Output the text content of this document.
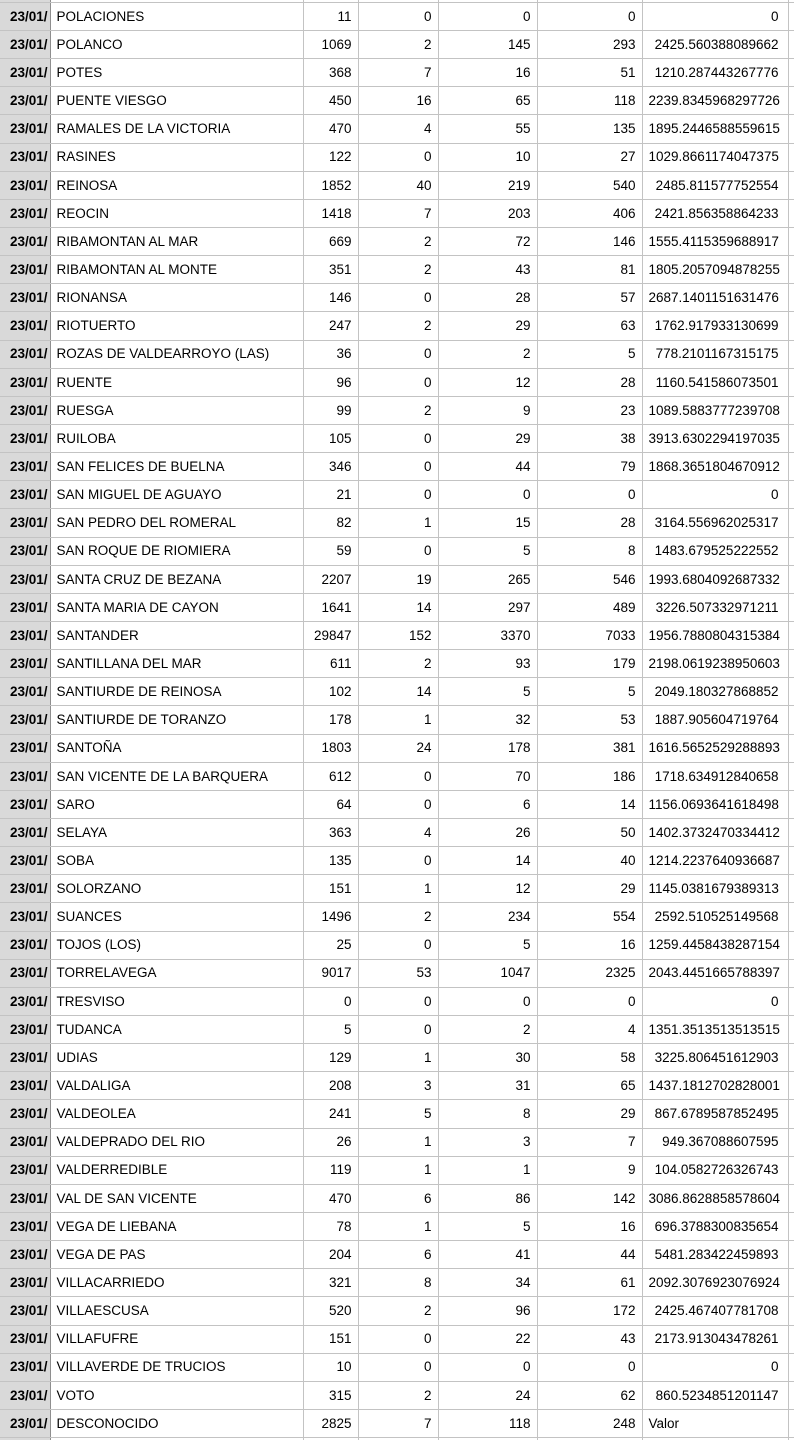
23/01/	POLACIONES	11	0	0	0	0	
23/01/	POLANCO	1069	2	145	293	2425.560388089662	
23/01/	POTES	368	7	16	51	1210.287443267776	
23/01/	PUENTE VIESGO	450	16	65	118	2239.8345968297726	
23/01/	RAMALES DE LA VICTORIA	470	4	55	135	1895.2446588559615	
23/01/	RASINES	122	0	10	27	1029.8661174047375	
23/01/	REINOSA	1852	40	219	540	2485.811577752554	
23/01/	REOCIN	1418	7	203	406	2421.856358864233	
23/01/	RIBAMONTAN AL MAR	669	2	72	146	1555.4115359688917	
23/01/	RIBAMONTAN AL MONTE	351	2	43	81	1805.2057094878255	
23/01/	RIONANSA	146	0	28	57	2687.1401151631476	
23/01/	RIOTUERTO	247	2	29	63	1762.917933130699	
23/01/	ROZAS DE VALDEARROYO (LAS)	36	0	2	5	778.2101167315175	
23/01/	RUENTE	96	0	12	28	1160.541586073501	
23/01/	RUESGA	99	2	9	23	1089.5883777239708	
23/01/	RUILOBA	105	0	29	38	3913.6302294197035	
23/01/	SAN FELICES DE BUELNA	346	0	44	79	1868.3651804670912	
23/01/	SAN MIGUEL DE AGUAYO	21	0	0	0	0	
23/01/	SAN PEDRO DEL ROMERAL	82	1	15	28	3164.556962025317	
23/01/	SAN ROQUE DE RIOMIERA	59	0	5	8	1483.679525222552	
23/01/	SANTA CRUZ DE BEZANA	2207	19	265	546	1993.6804092687332	
23/01/	SANTA MARIA DE CAYON	1641	14	297	489	3226.507332971211	
23/01/	SANTANDER	29847	152	3370	7033	1956.7880804315384	
23/01/	SANTILLANA DEL MAR	611	2	93	179	2198.0619238950603	
23/01/	SANTIURDE DE REINOSA	102	14	5	5	2049.180327868852	
23/01/	SANTIURDE DE TORANZO	178	1	32	53	1887.905604719764	
23/01/	SANTOÑA	1803	24	178	381	1616.5652529288893	
23/01/	SAN VICENTE DE LA BARQUERA	612	0	70	186	1718.634912840658	
23/01/	SARO	64	0	6	14	1156.0693641618498	
23/01/	SELAYA	363	4	26	50	1402.3732470334412	
23/01/	SOBA	135	0	14	40	1214.2237640936687	
23/01/	SOLORZANO	151	1	12	29	1145.0381679389313	
23/01/	SUANCES	1496	2	234	554	2592.510525149568	
23/01/	TOJOS (LOS)	25	0	5	16	1259.4458438287154	
23/01/	TORRELAVEGA	9017	53	1047	2325	2043.4451665788397	
23/01/	TRESVISO	0	0	0	0	0	
23/01/	TUDANCA	5	0	2	4	1351.3513513513515	
23/01/	UDIAS	129	1	30	58	3225.806451612903	
23/01/	VALDALIGA	208	3	31	65	1437.1812702828001	
23/01/	VALDEOLEA	241	5	8	29	867.6789587852495	
23/01/	VALDEPRADO DEL RIO	26	1	3	7	949.367088607595	
23/01/	VALDERREDIBLE	119	1	1	9	104.0582726326743	
23/01/	VAL DE SAN VICENTE	470	6	86	142	3086.8628858578604	
23/01/	VEGA DE LIEBANA	78	1	5	16	696.3788300835654	
23/01/	VEGA DE PAS	204	6	41	44	5481.283422459893	
23/01/	VILLACARRIEDO	321	8	34	61	2092.3076923076924	
23/01/	VILLAESCUSA	520	2	96	172	2425.467407781708	
23/01/	VILLAFUFRE	151	0	22	43	2173.913043478261	
23/01/	VILLAVERDE DE TRUCIOS	10	0	0	0	0	
23/01/	VOTO	315	2	24	62	860.5234851201147	
23/01/	DESCONOCIDO	2825	7	118	248	Valor	
